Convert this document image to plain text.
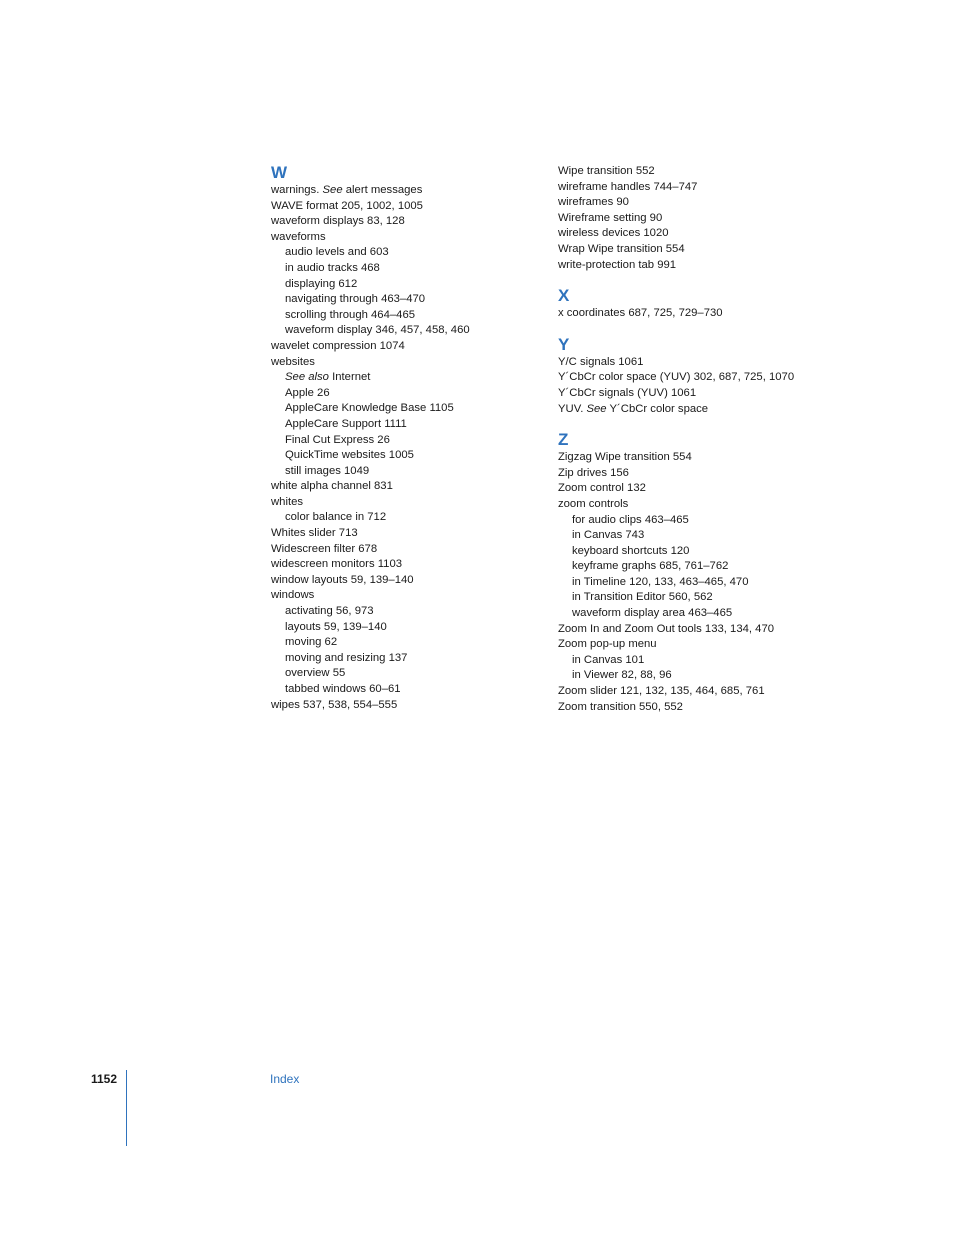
W
warnings. See alert messages
WAVE format 205, 1002, 1005
waveform displays 83, 128
waveforms
audio levels and 603
in audio tracks 468
displaying 612
navigating through 463–470
scrolling through 464–465
waveform display 346, 457, 458, 460
wavelet compression 1074
websites
See also Internet
Apple 26
AppleCare Knowledge Base 1105
AppleCare Support 1111
Final Cut Express 26
QuickTime websites 1005
still images 1049
white alpha channel 831
whites
color balance in 712
Whites slider 713
Widescreen filter 678
widescreen monitors 1103
window layouts 59, 139–140
windows
activating 56, 973
layouts 59, 139–140
moving 62
moving and resizing 137
overview 55
tabbed windows 60–61
wipes 537, 538, 554–555
Wipe transition 552
wireframe handles 744–747
wireframes 90
Wireframe setting 90
wireless devices 1020
Wrap Wipe transition 554
write-protection tab 991
X
x coordinates 687, 725, 729–730
Y
Y/C signals 1061
Y´CbCr color space (YUV) 302, 687, 725, 1070
Y´CbCr signals (YUV) 1061
YUV. See Y´CbCr color space
Z
Zigzag Wipe transition 554
Zip drives 156
Zoom control 132
zoom controls
for audio clips 463–465
in Canvas 743
keyboard shortcuts 120
keyframe graphs 685, 761–762
in Timeline 120, 133, 463–465, 470
in Transition Editor 560, 562
waveform display area 463–465
Zoom In and Zoom Out tools 133, 134, 470
Zoom pop-up menu
in Canvas 101
in Viewer 82, 88, 96
Zoom slider 121, 132, 135, 464, 685, 761
Zoom transition 550, 552
1152	Index
